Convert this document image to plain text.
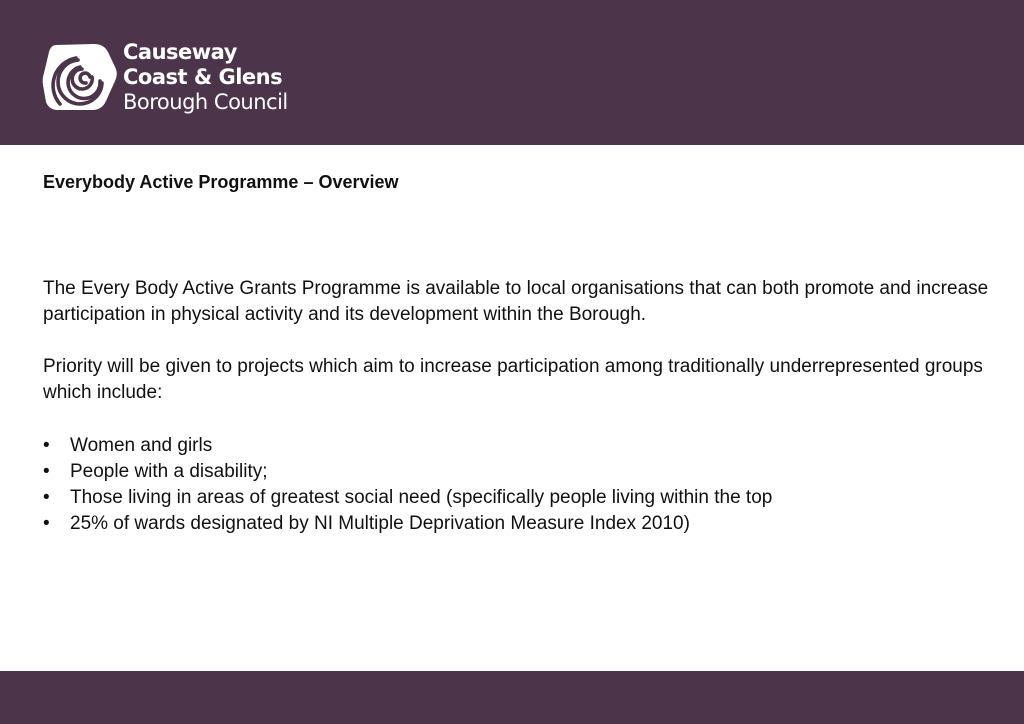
Causeway
Coast & Glens
Borough Council
Everybody Active Programme – Overview

The Every Body Active Grants Programme is available to local organisations that can both promote and increase participation in physical activity and its development within the Borough.

Priority will be given to projects which aim to increase participation among traditionally underrepresented groups which include:

• Women and girls
• People with a disability;
• Those living in areas of greatest social need (specifically people living within the top
• 25% of wards designated by NI Multiple Deprivation Measure Index 2010)
